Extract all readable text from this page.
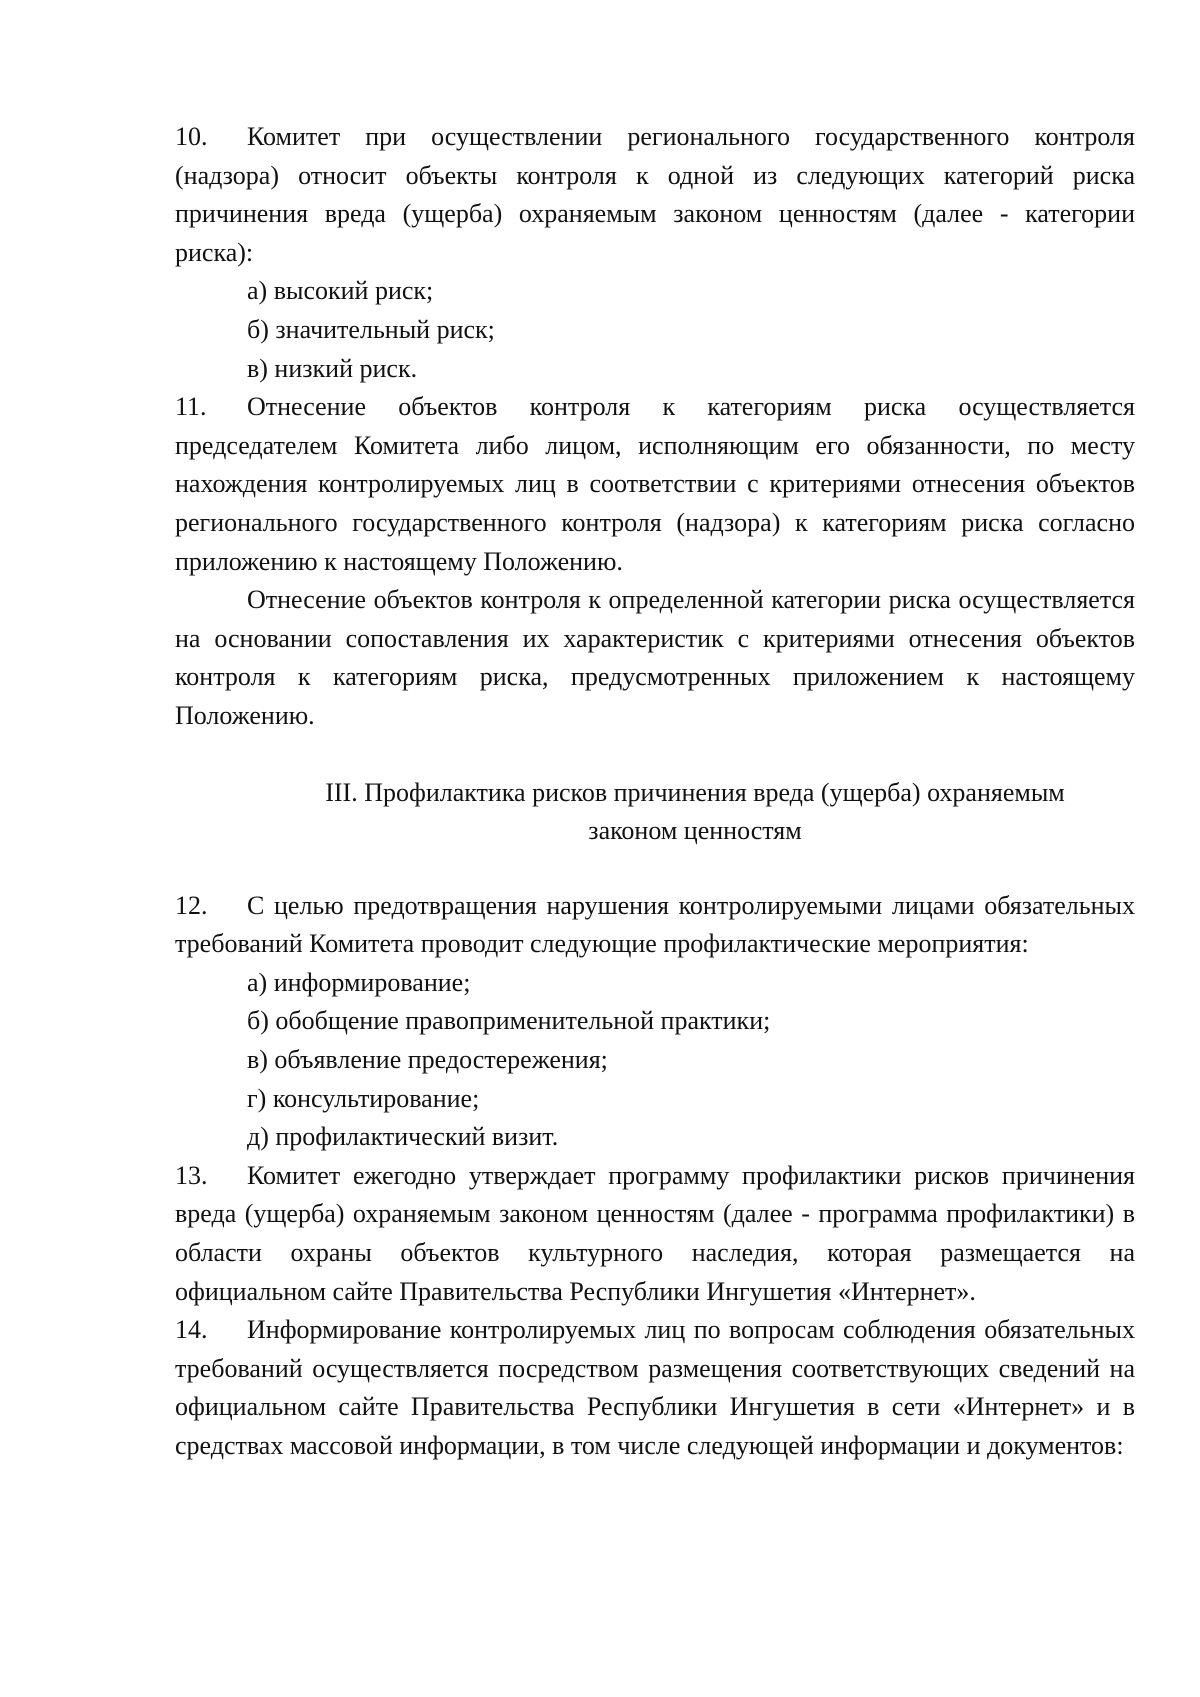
10. Комитет при осуществлении регионального государственного контроля (надзора) относит объекты контроля к одной из следующих категорий риска причинения вреда (ущерба) охраняемым законом ценностям (далее - категории риска):

а) высокий риск;

б) значительный риск;

в) низкий риск.

11. Отнесение объектов контроля к категориям риска осуществляется председателем Комитета либо лицом, исполняющим его обязанности, по месту нахождения контролируемых лиц в соответствии с критериями отнесения объектов регионального государственного контроля (надзора) к категориям риска согласно приложению к настоящему Положению.

Отнесение объектов контроля к определенной категории риска осуществляется на основании сопоставления их характеристик с критериями отнесения объектов контроля к категориям риска, предусмотренных приложением к настоящему Положению.

III. Профилактика рисков причинения вреда (ущерба) охраняемым
законом ценностям

12. С целью предотвращения нарушения контролируемыми лицами обязательных требований Комитета проводит следующие профилактические мероприятия:

а) информирование;

б) обобщение правоприменительной практики;

в) объявление предостережения;

г) консультирование;

д) профилактический визит.

13. Комитет ежегодно утверждает программу профилактики рисков причинения вреда (ущерба) охраняемым законом ценностям (далее - программа профилактики) в области охраны объектов культурного наследия, которая размещается на официальном сайте Правительства Республики Ингушетия «Интернет».

14. Информирование контролируемых лиц по вопросам соблюдения обязательных требований осуществляется посредством размещения соответствующих сведений на официальном сайте Правительства Республики Ингушетия в сети «Интернет» и в средствах массовой информации, в том числе следующей информации и документов:
